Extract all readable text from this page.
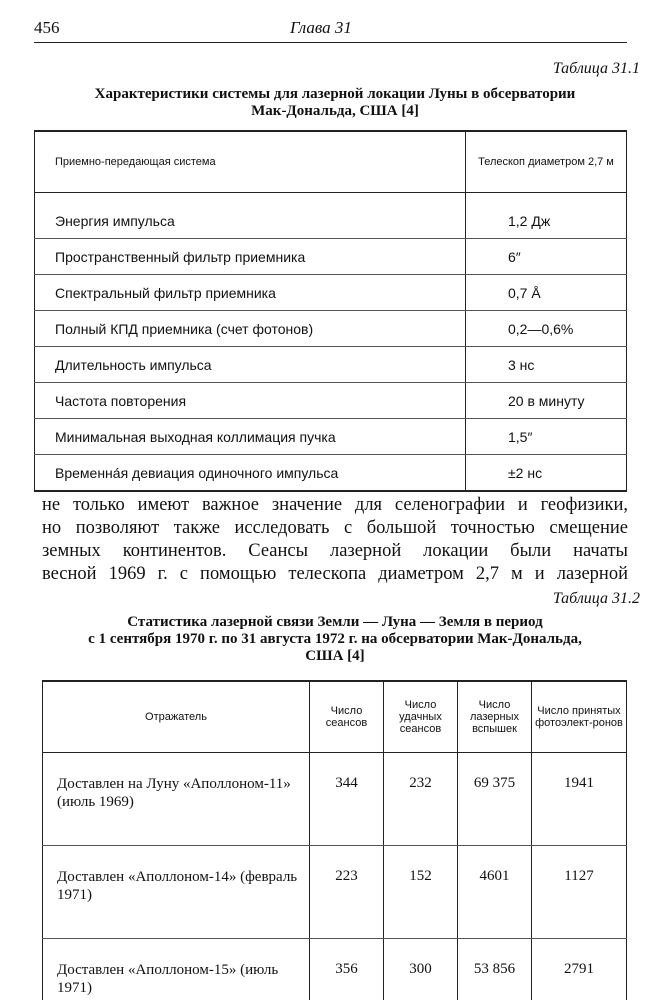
456	Глава 31
Таблица 31.1
Характеристики системы для лазерной локации Луны в обсерватории
Мак-Дональда, США [4]
Приемно-передающая система	Телескоп диаметром 2,7 м
Энергия импульса	1,2 Дж
Пространственный фильтр приемника	6″
Спектральный фильтр приемника	0,7 Å
Полный КПД приемника (счет фотонов)	0,2—0,6%
Длительность импульса	3 нс
Частота повторения	20 в минуту
Минимальная выходная коллимация пучка	1,5″
Временна́я девиация одиночного импульса	±2 нс
не только имеют важное значение для селенографии и геофизики,
но позволяют также исследовать с большой точностью смещение
земных континентов. Сеансы лазерной локации были начаты
весной 1969 г. с помощью телескопа диаметром 2,7 м и лазерной
Таблица 31.2
Статистика лазерной связи Земли — Луна — Земля в период
с 1 сентября 1970 г. по 31 августа 1972 г. на обсерватории Мак-Дональда,
США [4]
Отражатель	Число сеансов	Число удачных сеансов	Число лазерных вспышек	Число принятых фотоэлект-ронов
Доставлен на Луну «Аполлоном-11» (июль 1969)	344	232	69 375	1941
Доставлен «Аполлоном-14» (февраль 1971)	223	152	4601	1127
Доставлен «Аполлоном-15» (июль 1971)	356	300	53 856	2791
